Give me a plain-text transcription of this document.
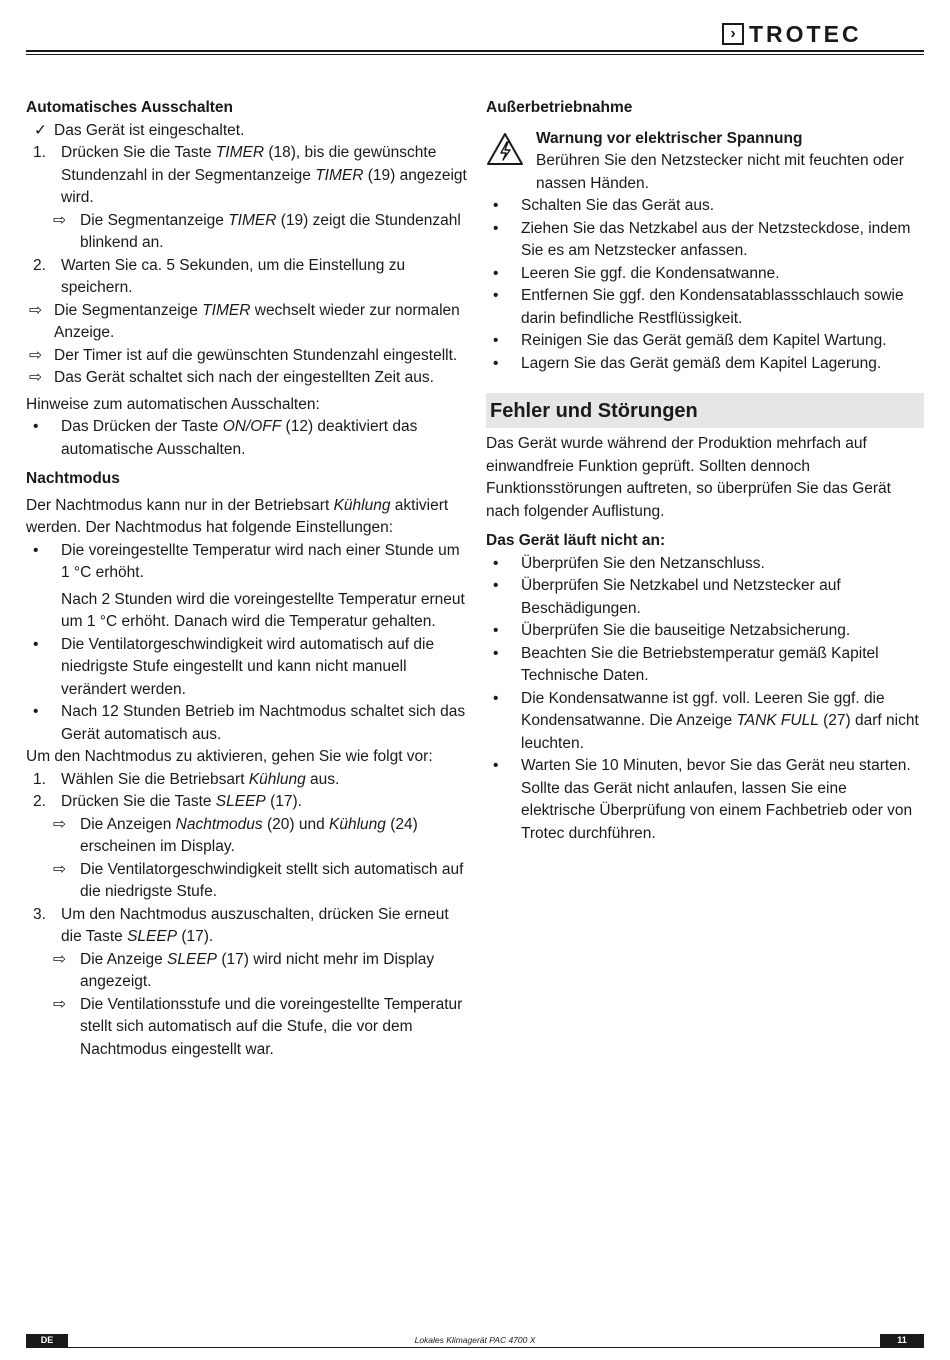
› TROTEC

Automatisches Ausschalten

✓ Das Gerät ist eingeschaltet.
1. Drücken Sie die Taste TIMER (18), bis die gewünschte Stundenzahl in der Segmentanzeige TIMER (19) angezeigt wird.
⇨ Die Segmentanzeige TIMER (19) zeigt die Stundenzahl blinkend an.
2. Warten Sie ca. 5 Sekunden, um die Einstellung zu speichern.
⇨ Die Segmentanzeige TIMER wechselt wieder zur normalen Anzeige.
⇨ Der Timer ist auf die gewünschten Stundenzahl eingestellt.
⇨ Das Gerät schaltet sich nach der eingestellten Zeit aus.

Hinweise zum automatischen Ausschalten:

•	Das Drücken der Taste ON/OFF (12) deaktiviert das automatische Ausschalten.

Nachtmodus

Der Nachtmodus kann nur in der Betriebsart Kühlung aktiviert werden. Der Nachtmodus hat folgende Einstellungen:

•	Die voreingestellte Temperatur wird nach einer Stunde um 1 °C erhöht.
Nach 2 Stunden wird die voreingestellte Temperatur erneut um 1 °C erhöht. Danach wird die Temperatur gehalten.
•	Die Ventilatorgeschwindigkeit wird automatisch auf die niedrigste Stufe eingestellt und kann nicht manuell verändert werden.
•	Nach 12 Stunden Betrieb im Nachtmodus schaltet sich das Gerät automatisch aus.

Um den Nachtmodus zu aktivieren, gehen Sie wie folgt vor:

1. Wählen Sie die Betriebsart Kühlung aus.
2. Drücken Sie die Taste SLEEP (17).
⇨ Die Anzeigen Nachtmodus (20) und Kühlung (24) erscheinen im Display.
⇨ Die Ventilatorgeschwindigkeit stellt sich automatisch auf die niedrigste Stufe.
3. Um den Nachtmodus auszuschalten, drücken Sie erneut die Taste SLEEP (17).
⇨ Die Anzeige SLEEP (17) wird nicht mehr im Display angezeigt.
⇨ Die Ventilationsstufe und die voreingestellte Temperatur stellt sich automatisch auf die Stufe, die vor dem Nachtmodus eingestellt war.

Außerbetriebnahme

Warnung vor elektrischer Spannung

Berühren Sie den Netzstecker nicht mit feuchten oder nassen Händen.

•	Schalten Sie das Gerät aus.
•	Ziehen Sie das Netzkabel aus der Netzsteckdose, indem Sie es am Netzstecker anfassen.
•	Leeren Sie ggf. die Kondensatwanne.
•	Entfernen Sie ggf. den Kondensatablassschlauch sowie darin befindliche Restflüssigkeit.
•	Reinigen Sie das Gerät gemäß dem Kapitel Wartung.
•	Lagern Sie das Gerät gemäß dem Kapitel Lagerung.
Fehler und Störungen

Das Gerät wurde während der Produktion mehrfach auf einwandfreie Funktion geprüft. Sollten dennoch Funktionsstörungen auftreten, so überprüfen Sie das Gerät nach folgender Auflistung.

Das Gerät läuft nicht an:

•	Überprüfen Sie den Netzanschluss.
•	Überprüfen Sie Netzkabel und Netzstecker auf Beschädigungen.
•	Überprüfen Sie die bauseitige Netzabsicherung.
•	Beachten Sie die Betriebstemperatur gemäß Kapitel Technische Daten.
•	Die Kondensatwanne ist ggf. voll. Leeren Sie ggf. die Kondensatwanne. Die Anzeige TANK FULL (27) darf nicht leuchten.
•	Warten Sie 10 Minuten, bevor Sie das Gerät neu starten. Sollte das Gerät nicht anlaufen, lassen Sie eine elektrische Überprüfung von einem Fachbetrieb oder von Trotec durchführen.
Lokales Klimagerät PAC 4700 X
DE	11
